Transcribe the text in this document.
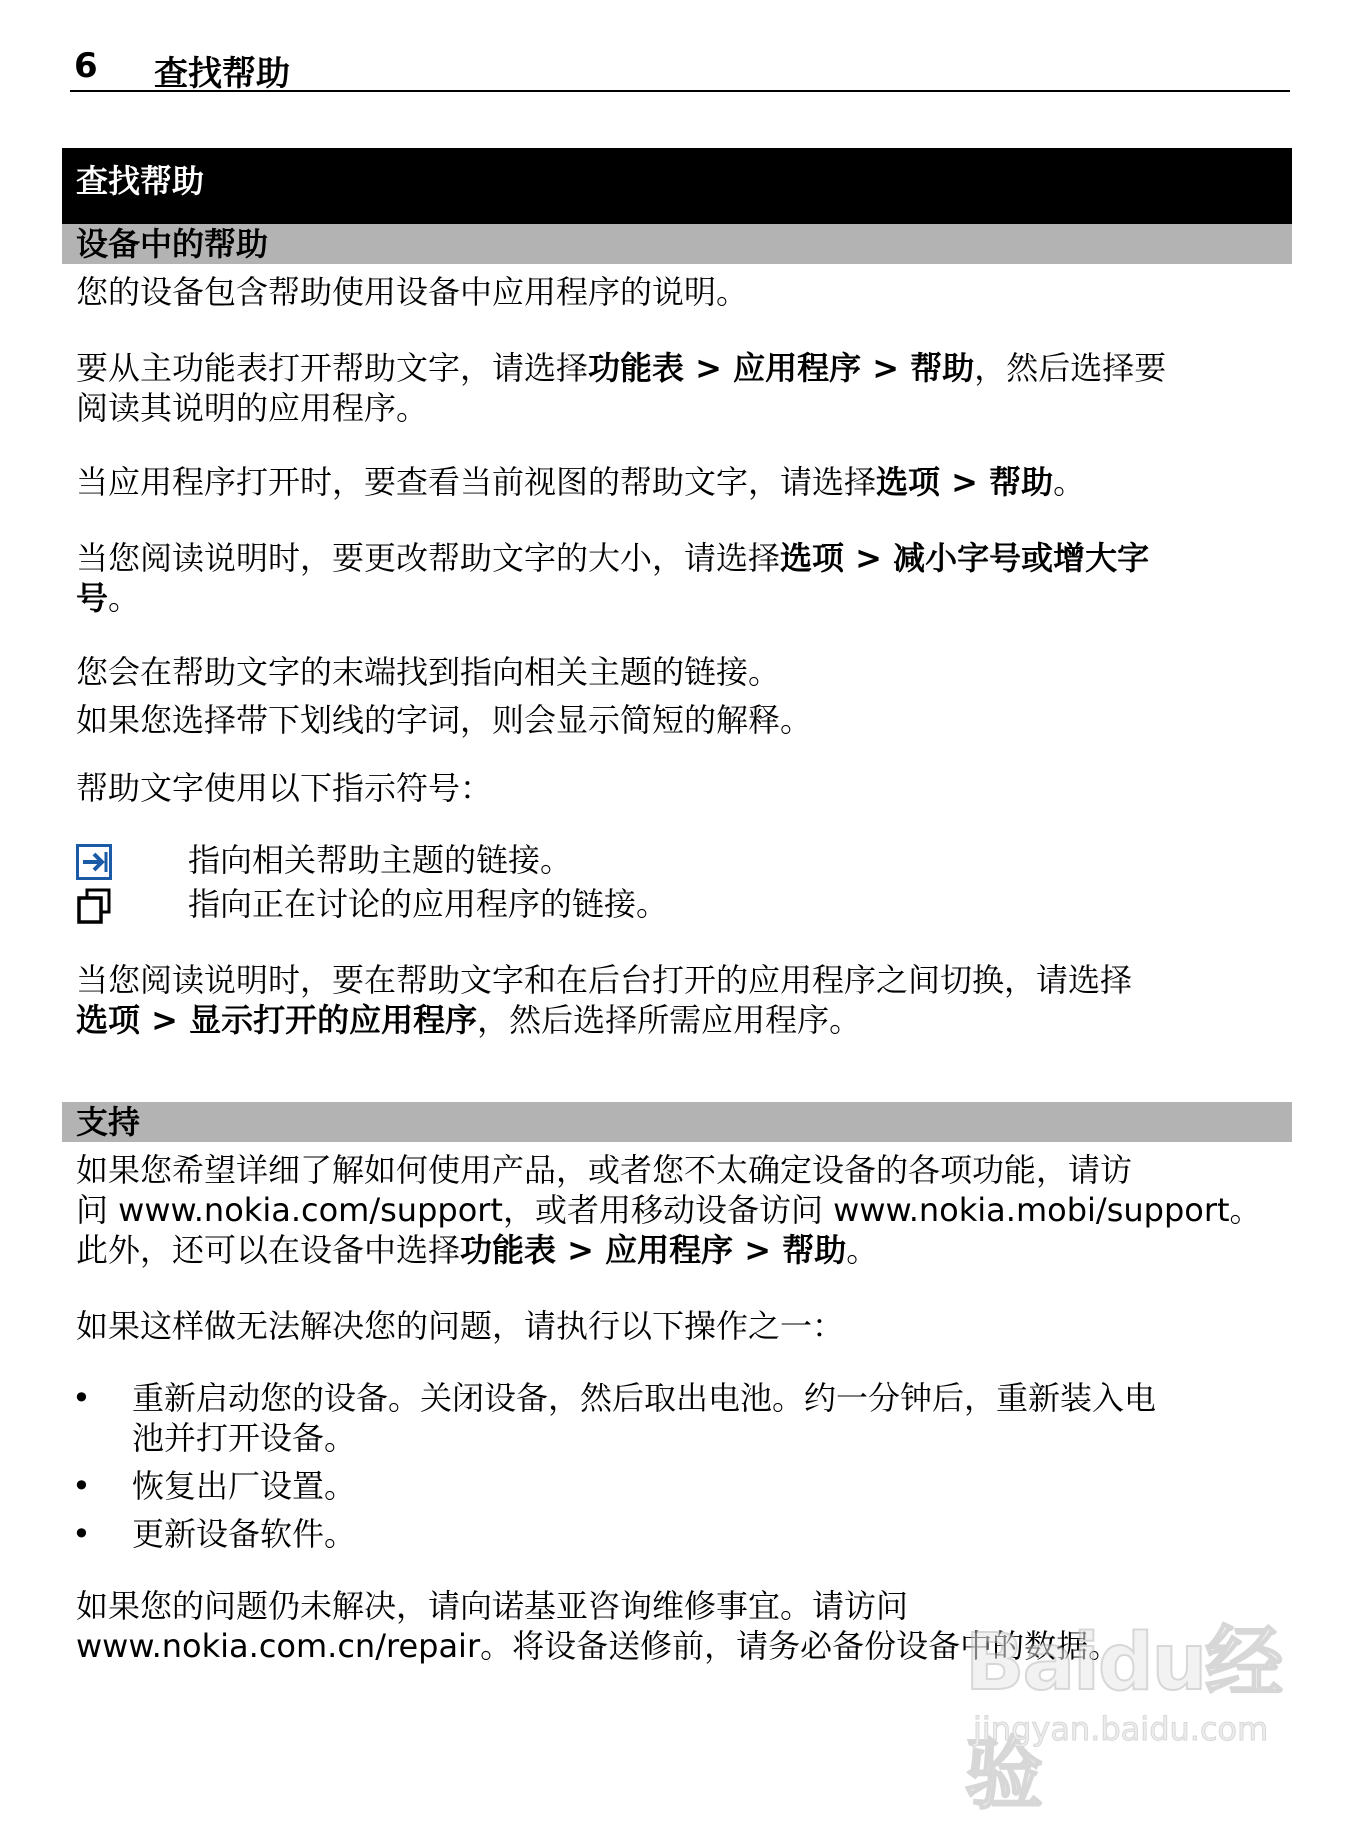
6 查找帮助
查找帮助
设备中的帮助
您的设备包含帮助使用设备中应用程序的说明。
要从主功能表打开帮助文字，请选择功能表 > 应用程序 > 帮助，然后选择要
阅读其说明的应用程序。
当应用程序打开时，要查看当前视图的帮助文字，请选择选项 > 帮助。
当您阅读说明时，要更改帮助文字的大小，请选择选项 > 减小字号或增大字
号。
您会在帮助文字的末端找到指向相关主题的链接。
如果您选择带下划线的字词，则会显示简短的解释。
帮助文字使用以下指示符号：
指向相关帮助主题的链接。
指向正在讨论的应用程序的链接。
当您阅读说明时，要在帮助文字和在后台打开的应用程序之间切换，请选择
选项 > 显示打开的应用程序，然后选择所需应用程序。
支持
如果您希望详细了解如何使用产品，或者您不太确定设备的各项功能，请访
问 www.nokia.com/support，或者用移动设备访问 www.nokia.mobi/support。
此外，还可以在设备中选择功能表 > 应用程序 > 帮助。
如果这样做无法解决您的问题，请执行以下操作之一：
• 重新启动您的设备。关闭设备，然后取出电池。约一分钟后，重新装入电
池并打开设备。
• 恢复出厂设置。
• 更新设备软件。
如果您的问题仍未解决，请向诺基亚咨询维修事宜。请访问
www.nokia.com.cn/repair。将设备送修前，请务必备份设备中的数据。
Baidu经验
jingyan.baidu.com
